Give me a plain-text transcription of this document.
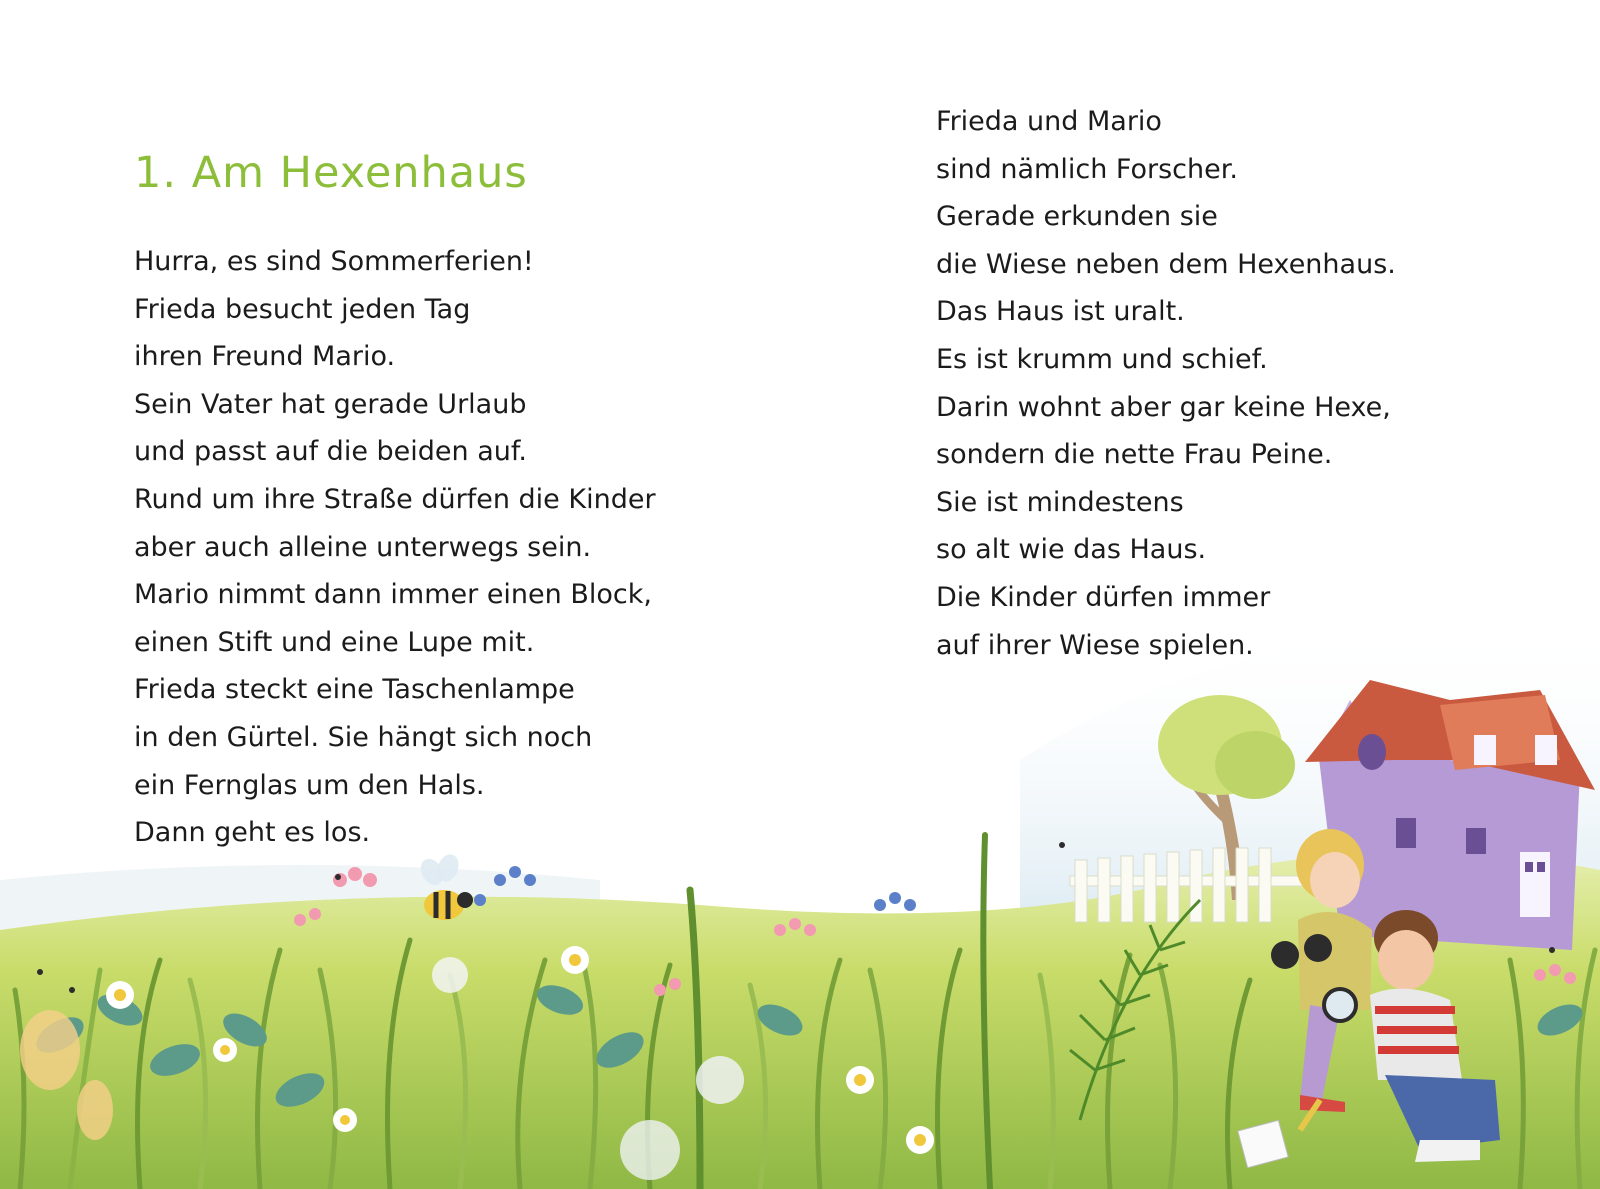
1. Am Hexenhaus
Hurra, es sind Sommerferien!
Frieda besucht jeden Tag
ihren Freund Mario.
Sein Vater hat gerade Urlaub
und passt auf die beiden auf.
Rund um ihre Straße dürfen die Kinder
aber auch alleine unterwegs sein.
Mario nimmt dann immer einen Block,
einen Stift und eine Lupe mit.
Frieda steckt eine Taschenlampe
in den Gürtel. Sie hängt sich noch
ein Fernglas um den Hals.
Dann geht es los.
Frieda und Mario
sind nämlich Forscher.
Gerade erkunden sie
die Wiese neben dem Hexenhaus.
Das Haus ist uralt.
Es ist krumm und schief.
Darin wohnt aber gar keine Hexe,
sondern die nette Frau Peine.
Sie ist mindestens
so alt wie das Haus.
Die Kinder dürfen immer
auf ihrer Wiese spielen.
